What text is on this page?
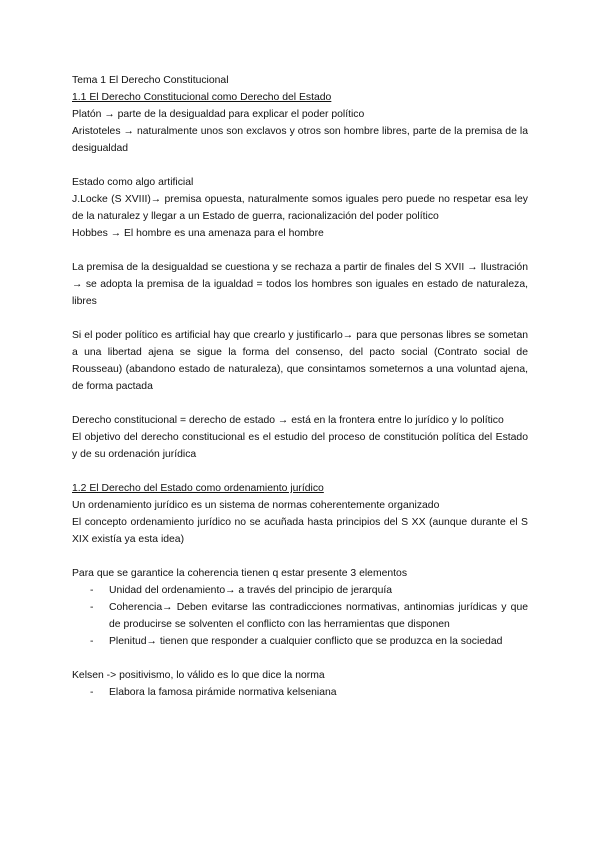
Tema 1 El Derecho Constitucional

1.1 El Derecho Constitucional como Derecho del Estado

Platón → parte de la desigualdad para explicar el poder político

Aristoteles → naturalmente unos son exclavos y otros son hombre libres, parte de la premisa de la desigualdad

Estado como algo artificial

J.Locke (S XVIII)→ premisa opuesta, naturalmente somos iguales pero puede no respetar esa ley de la naturalez y llegar a un Estado de guerra, racionalización del poder político

Hobbes → El hombre es una amenaza para el hombre

La premisa de la desigualdad se cuestiona y se rechaza a partir de finales del S XVII → Ilustración → se adopta la premisa de la igualdad = todos los hombres son iguales en estado de naturaleza, libres

Si el poder político es artificial hay que crearlo y justificarlo→ para que personas libres se sometan a una libertad ajena se sigue la forma del consenso, del pacto social (Contrato social de Rousseau) (abandono estado de naturaleza), que consintamos someternos a una voluntad ajena, de forma pactada

Derecho constitucional = derecho de estado → está en la frontera entre lo jurídico y lo político

El objetivo del derecho constitucional es el estudio del proceso de constitución política del Estado y de su ordenación jurídica

1.2 El Derecho del Estado como ordenamiento jurídico

Un ordenamiento jurídico es un sistema de normas coherentemente organizado

El concepto ordenamiento jurídico no se acuñada hasta principios del S XX (aunque durante el S XIX existía ya esta idea)

Para que se garantice la coherencia tienen q estar presente 3 elementos

- Unidad del ordenamiento→ a través del principio de jerarquía
- Coherencia→ Deben evitarse las contradicciones normativas, antinomias jurídicas y que de producirse se solventen el conflicto con las herramientas que disponen
- Plenitud→ tienen que responder a cualquier conflicto que se produzca en la sociedad

Kelsen -> positivismo, lo válido es lo que dice la norma

- Elabora la famosa pirámide normativa kelseniana
